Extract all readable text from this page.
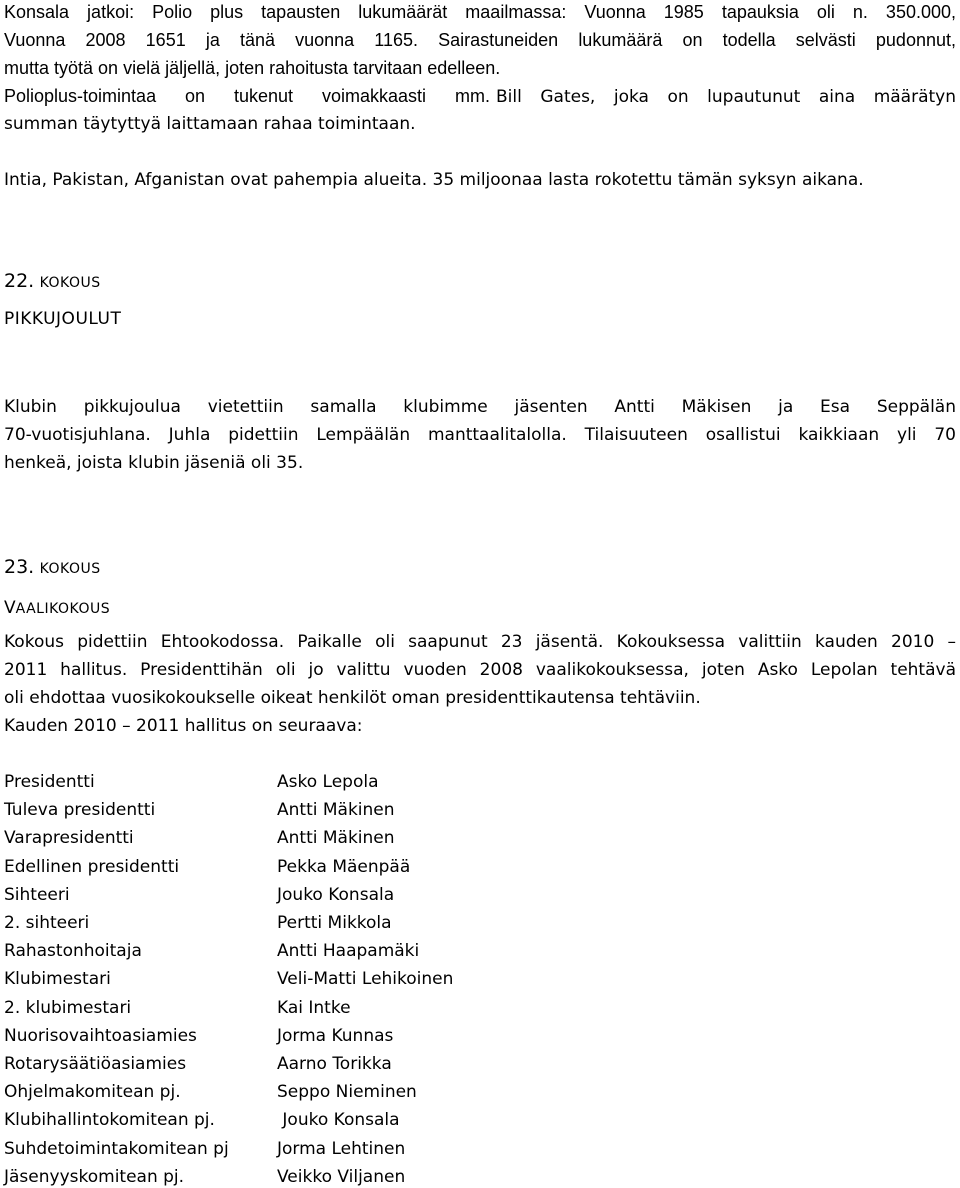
Konsala jatkoi: Polio plus tapausten lukumäärät maailmassa: Vuonna 1985 tapauksia oli n. 350.000,
Vuonna 2008 1651 ja tänä vuonna 1165. Sairastuneiden lukumäärä on todella selvästi pudonnut,
mutta työtä on vielä jäljellä, joten rahoitusta tarvitaan edelleen.
Polioplus-toimintaa on tukenut voimakkaasti mm. Bill Gates, joka on lupautunut aina määrätyn
summan täytyttyä laittamaan rahaa toimintaan.
Intia, Pakistan, Afganistan ovat pahempia alueita. 35 miljoonaa lasta rokotettu tämän syksyn aikana.
22. KOKOUS
PIKKUJOULUT
Klubin pikkujoulua vietettiin samalla klubimme jäsenten Antti Mäkisen ja Esa Seppälän
70-vuotisjuhlana. Juhla pidettiin Lempäälän manttaalitalolla. Tilaisuuteen osallistui kaikkiaan yli 70
henkeä, joista klubin jäseniä oli 35.
23. KOKOUS
VAALIKOKOUS
Kokous pidettiin Ehtookodossa. Paikalle oli saapunut 23 jäsentä. Kokouksessa valittiin kauden 2010 –
2011 hallitus. Presidenttihän oli jo valittu vuoden 2008 vaalikokouksessa, joten Asko Lepolan tehtävä
oli ehdottaa vuosikokoukselle oikeat henkilöt oman presidenttikautensa tehtäviin.
Kauden 2010 – 2011 hallitus on seuraava:
Presidentti	Asko Lepola
Tuleva presidentti	Antti Mäkinen
Varapresidentti	Antti Mäkinen
Edellinen presidentti	Pekka Mäenpää
Sihteeri	Jouko Konsala
2. sihteeri	Pertti Mikkola
Rahastonhoitaja	Antti Haapamäki
Klubimestari	Veli-Matti Lehikoinen
2. klubimestari	Kai Intke
Nuorisovaihtoasiamies	Jorma Kunnas
Rotarysäätiöasiamies	Aarno Torikka
Ohjelmakomitean pj.	Seppo Nieminen
Klubihallintokomitean pj.	Jouko Konsala
Suhdetoimintakomitean pj	Jorma Lehtinen
Jäsenyyskomitean pj.	Veikko Viljanen
